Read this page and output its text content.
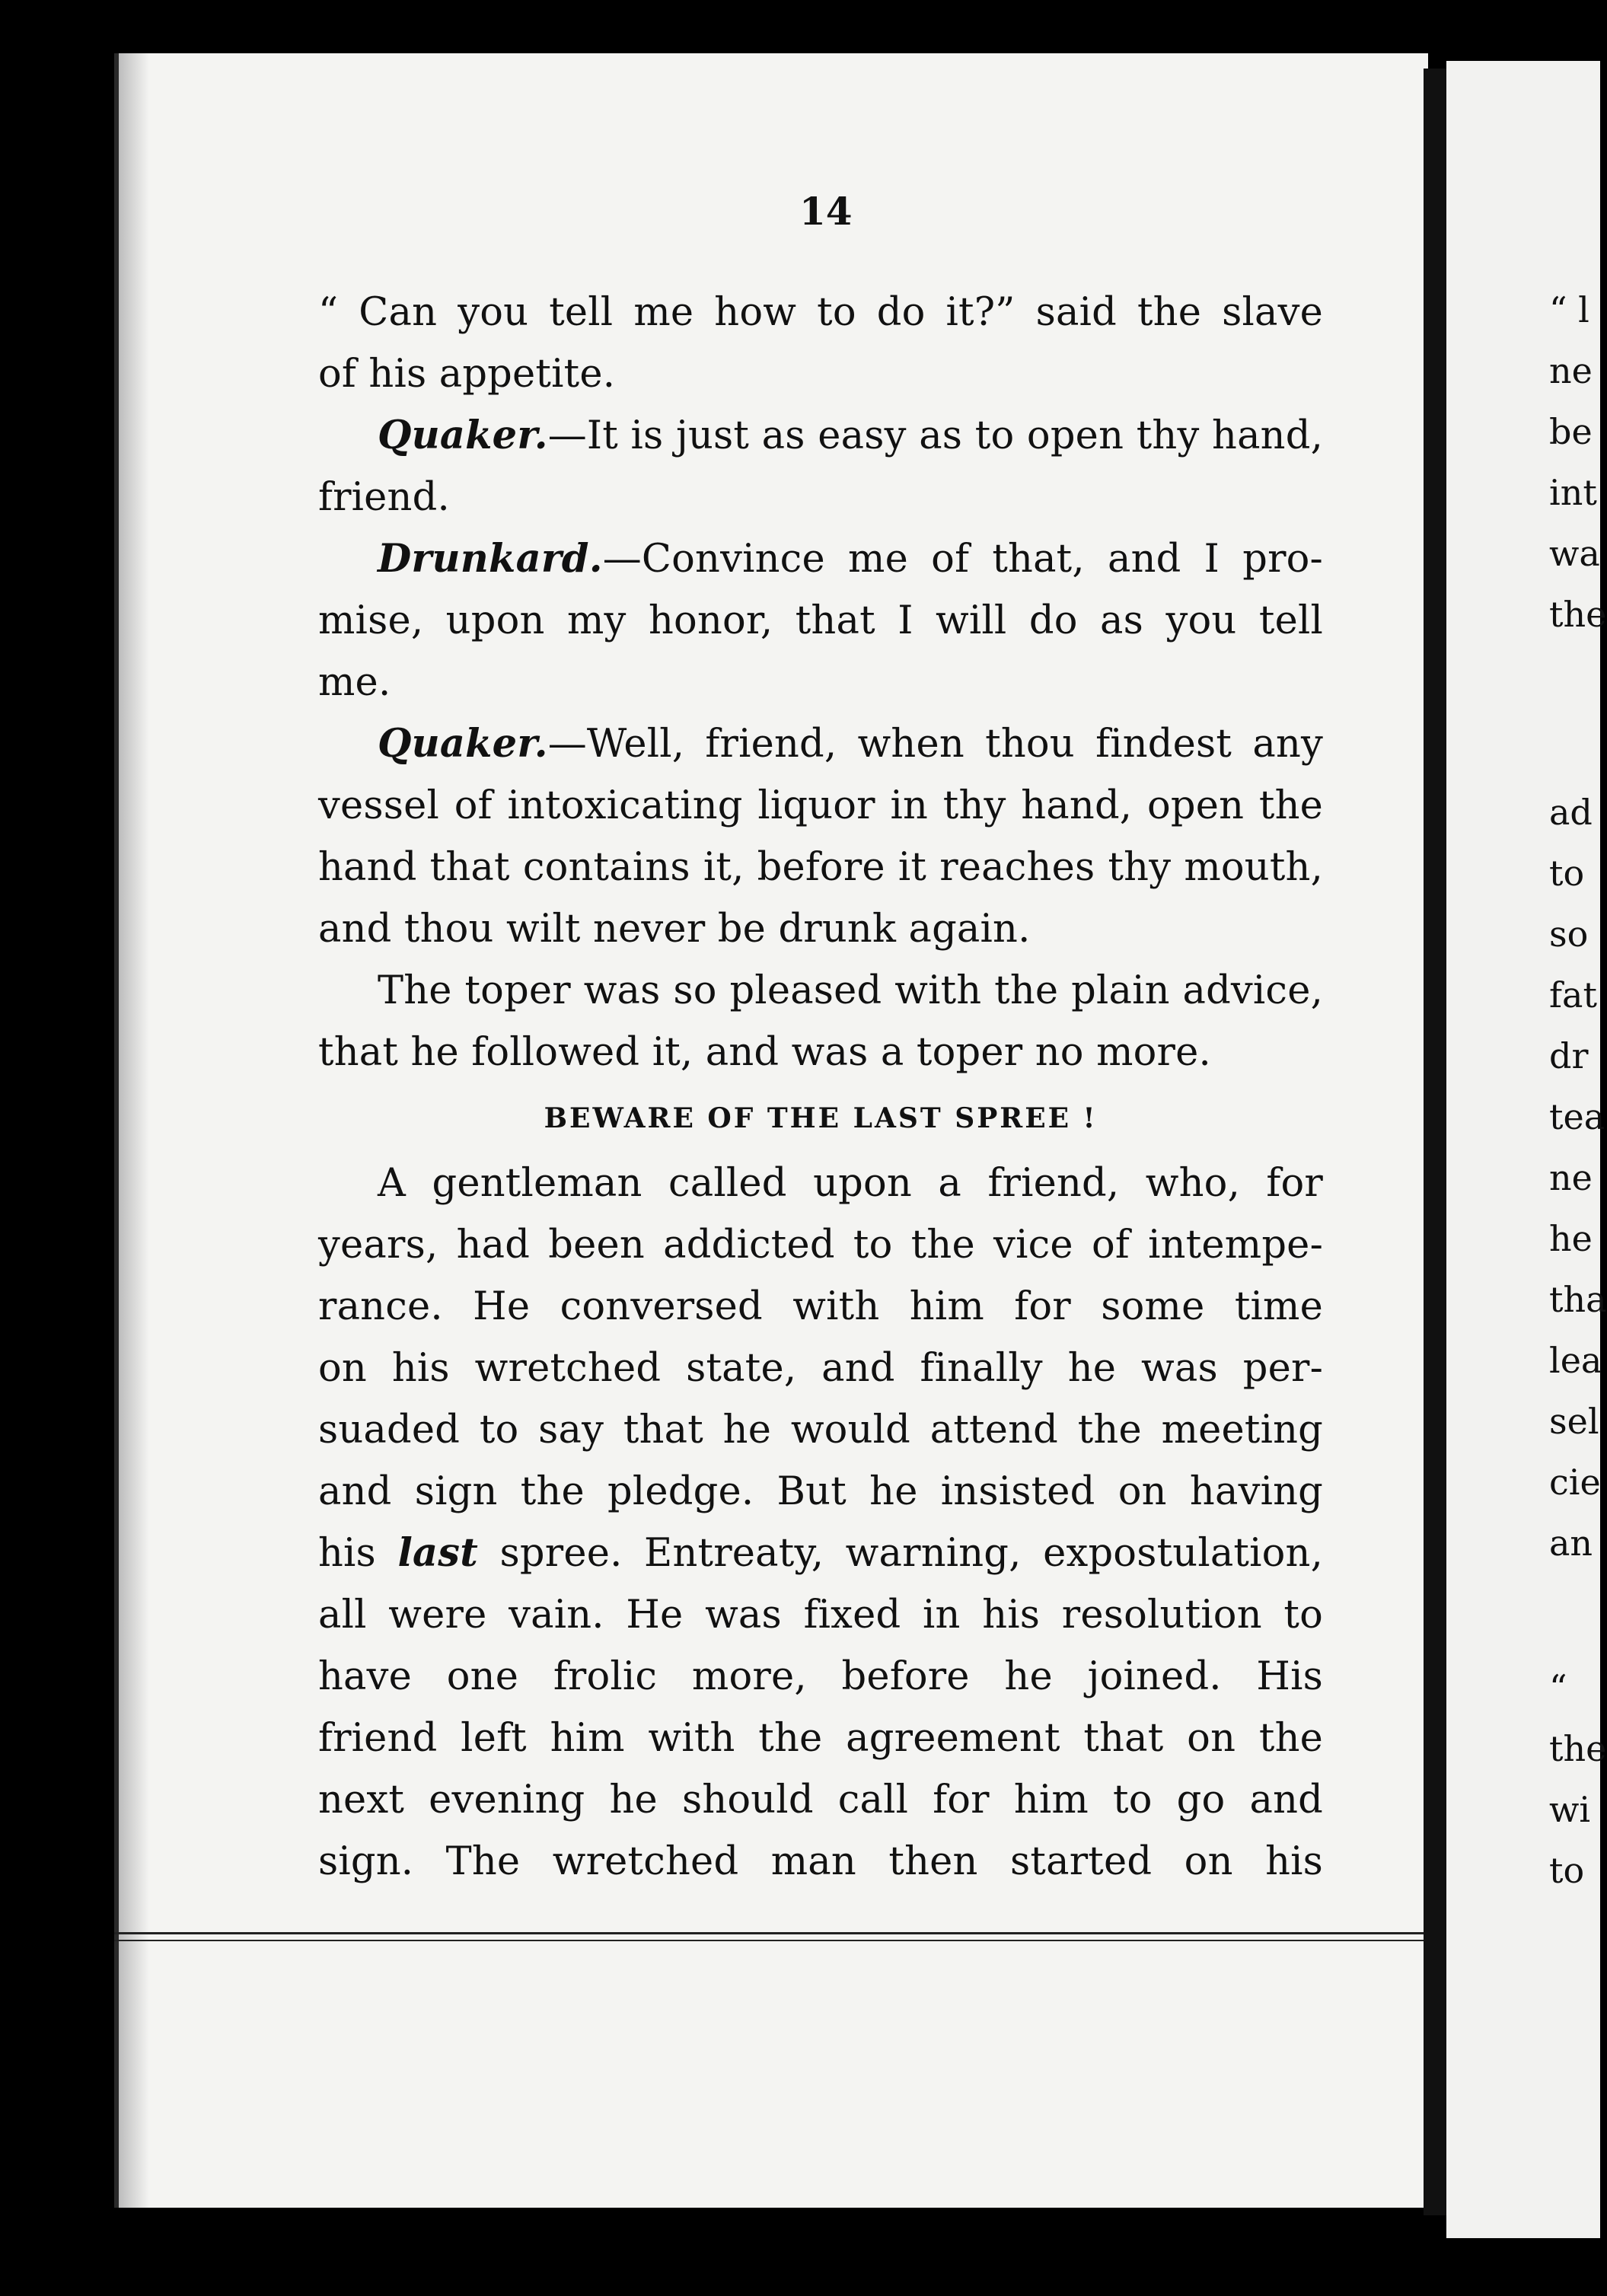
14
“ Can you tell me how to do it?” said the slave
of his appetite.
Quaker.—It is just as easy as to open thy hand,
friend.
Drunkard.—Convince me of that, and I pro-
mise, upon my honor, that I will do as you tell
me.
Quaker.—Well, friend, when thou findest any
vessel of intoxicating liquor in thy hand, open the
hand that contains it, before it reaches thy mouth,
and thou wilt never be drunk again.
The toper was so pleased with the plain advice,
that he followed it, and was a toper no more.
BEWARE OF THE LAST SPREE !
A gentleman called upon a friend, who, for
years, had been addicted to the vice of intempe-
rance. He conversed with him for some time
on his wretched state, and finally he was per-
suaded to say that he would attend the meeting
and sign the pledge. But he insisted on having
his last spree. Entreaty, warning, expostulation,
all were vain. He was fixed in his resolution to
have one frolic more, before he joined. His
friend left him with the agreement that on the
next evening he should call for him to go and
sign. The wretched man then started on his
“ l
ne
be
int
wa
the
ad
to
so
fat
dr
tea
ne
he
tha
lea
sel
cie
an
“
the
wi
to
